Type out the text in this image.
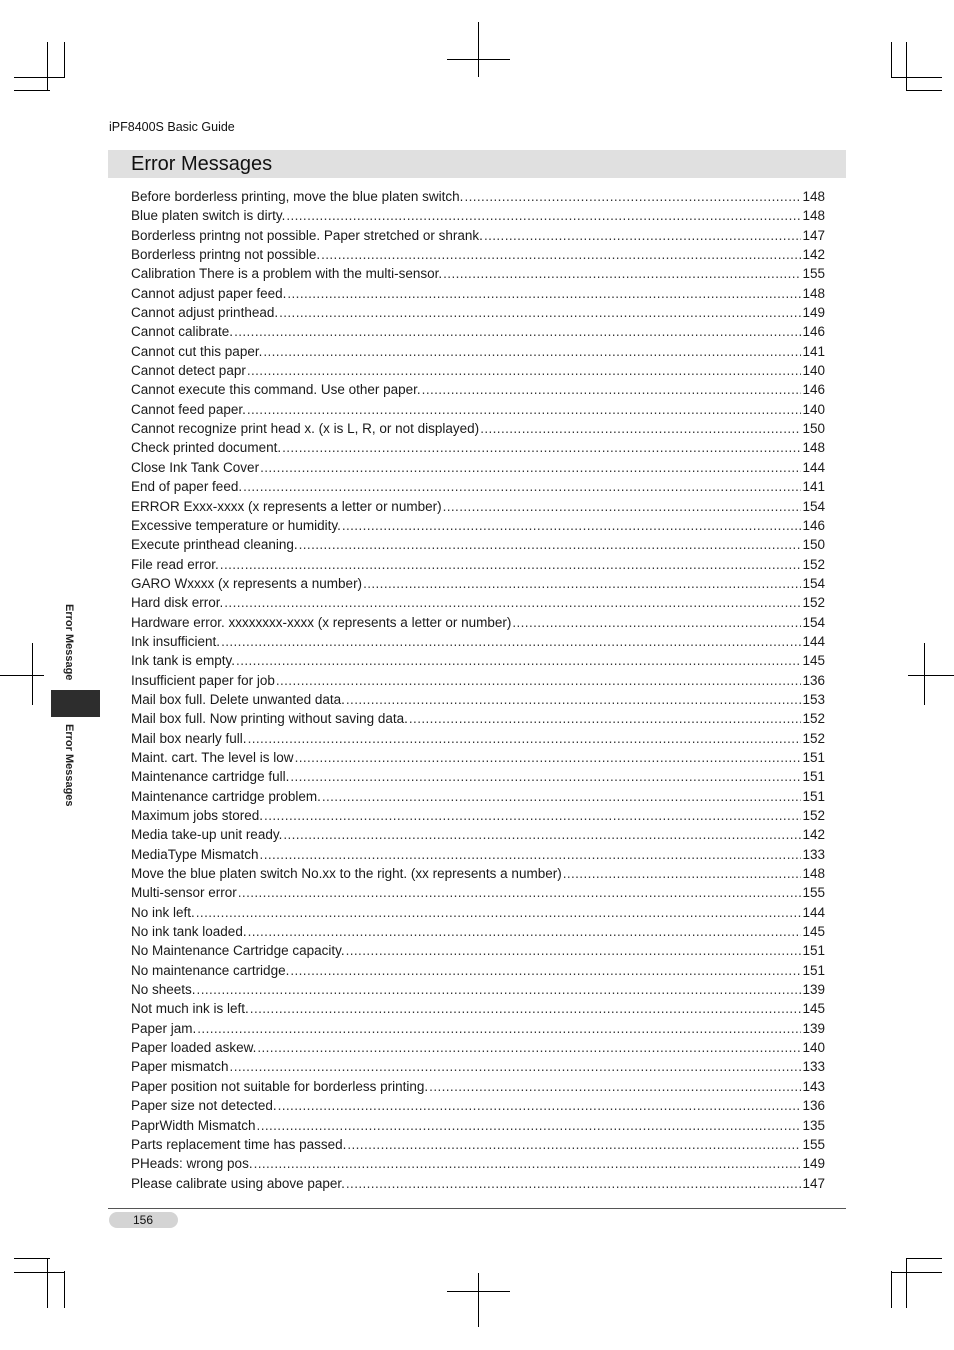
iPF8400S Basic Guide
Error Messages
Before borderless printing, move the blue platen switch. .....	148
Blue platen switch is dirty. .....	148
Borderless printng not possible. Paper stretched or shrank. .....	147
Borderless printng not possible. .....	142
Calibration There is a problem with the multi-sensor. .....	155
Cannot adjust paper feed. .....	148
Cannot adjust printhead. .....	149
Cannot calibrate. .....	146
Cannot cut this paper. .....	141
Cannot detect papr .....	140
Cannot execute this command. Use other paper. .....	146
Cannot feed paper. .....	140
Cannot recognize print head x. (x is L, R, or not displayed) .....	150
Check printed document. .....	148
Close Ink Tank Cover .....	144
End of paper feed. .....	141
ERROR Exxx-xxxx (x represents a letter or number) .....	154
Excessive temperature or humidity. .....	146
Execute printhead cleaning. .....	150
File read error. .....	152
GARO Wxxxx (x represents a number) .....	154
Hard disk error. .....	152
Hardware error. xxxxxxxx-xxxx (x represents a letter or number) .....	154
Ink insufficient. .....	144
Ink tank is empty. .....	145
Insufficient paper for job .....	136
Mail box full. Delete unwanted data. .....	153
Mail box full. Now printing without saving data. .....	152
Mail box nearly full. .....	152
Maint. cart. The level is low .....	151
Maintenance cartridge full. .....	151
Maintenance cartridge problem. .....	151
Maximum jobs stored. .....	152
Media take-up unit ready. .....	142
MediaType Mismatch .....	133
Move the blue platen switch No.xx to the right. (xx represents a number) .....	148
Multi-sensor error .....	155
No ink left. .....	144
No ink tank loaded. .....	145
No Maintenance Cartridge capacity. .....	151
No maintenance cartridge. .....	151
No sheets. .....	139
Not much ink is left. .....	145
Paper jam. .....	139
Paper loaded askew. .....	140
Paper mismatch .....	133
Paper position not suitable for borderless printing. .....	143
Paper size not detected. .....	136
PaprWidth Mismatch .....	135
Parts replacement time has passed. .....	155
PHeads: wrong pos. .....	149
Please calibrate using above paper. .....	147
Error Message
Error Messages
156
